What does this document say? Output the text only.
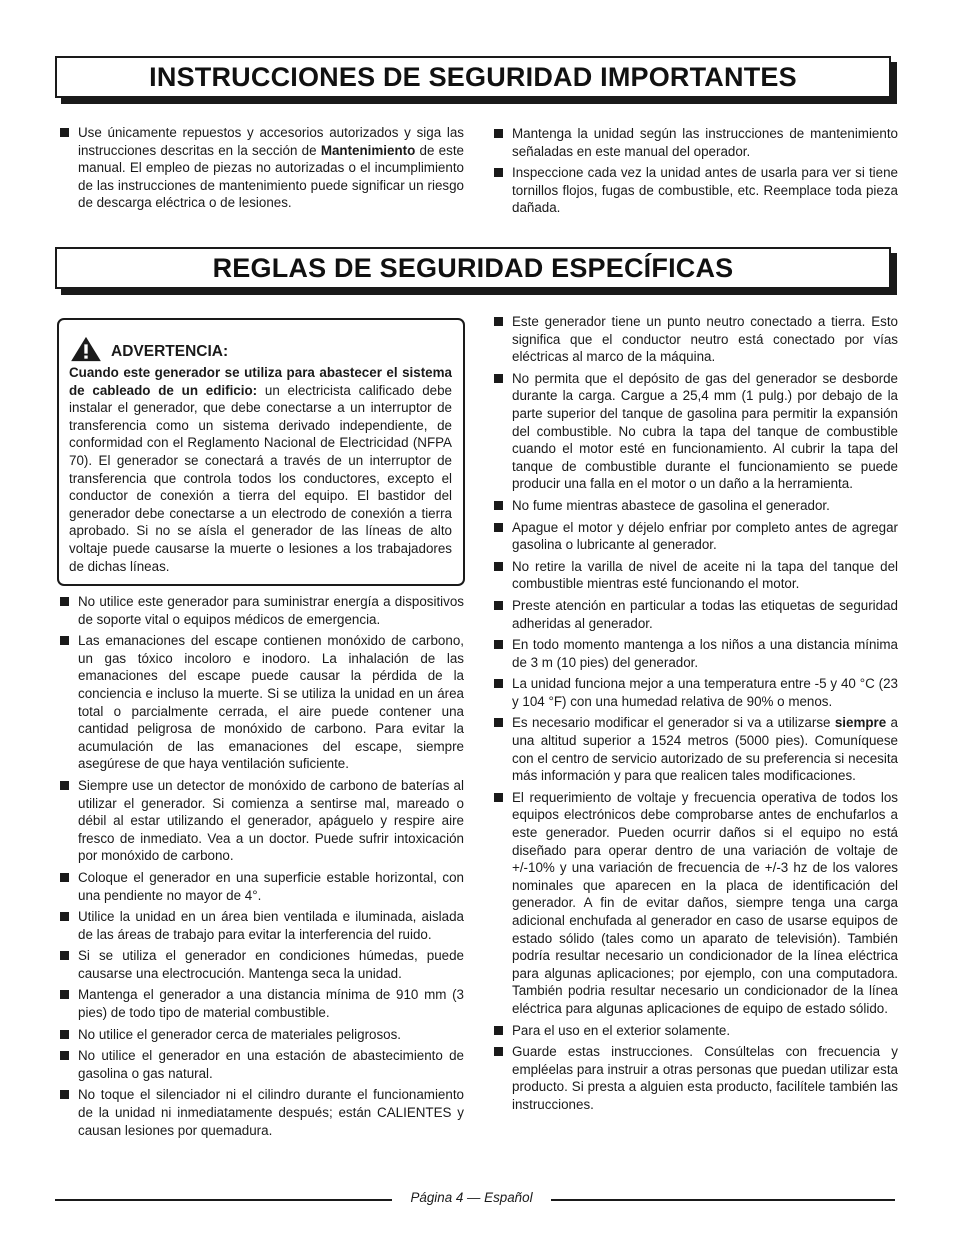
INSTRUCCIONES DE SEGURIDAD IMPORTANTES
Use únicamente repuestos y accesorios autorizados y siga las instrucciones descritas en la sección de Mantenimiento de este manual. El empleo de piezas no autorizadas o el incumplimiento de las instrucciones de mantenimiento puede significar un riesgo de descarga eléctrica o de lesiones.
Mantenga la unidad según las instrucciones de mantenimiento señaladas en este manual del operador.
Inspeccione cada vez la unidad antes de usarla para ver si tiene tornillos flojos, fugas de combustible, etc. Reemplace toda pieza dañada.
REGLAS DE SEGURIDAD ESPECÍFICAS
ADVERTENCIA:
Cuando este generador se utiliza para abastecer el sistema de cableado de un edificio: un electricista calificado debe instalar el generador, que debe conectarse a un interruptor de transferencia como un sistema derivado independiente, de conformidad con el Reglamento Nacional de Electricidad (NFPA 70). El generador se conectará a través de un interruptor de transferencia que controla todos los conductores, excepto el conductor de conexión a tierra del equipo. El bastidor del generador debe conectarse a un electrodo de conexión a tierra aprobado. Si no se aísla el generador de las líneas de alto voltaje puede causarse la muerte o lesiones a los trabajadores de dichas líneas.
No utilice este generador para suministrar energía a dispositivos de soporte vital o equipos médicos de emergencia.
Las emanaciones del escape contienen monóxido de carbono, un gas tóxico incoloro e inodoro. La inhalación de las emanaciones del escape puede causar la pérdida de la conciencia e incluso la muerte. Si se utiliza la unidad en un área total o parcialmente cerrada, el aire puede contener una cantidad peligrosa de monóxido de carbono. Para evitar la acumulación de las emanaciones del escape, siempre asegúrese de que haya ventilación suficiente.
Siempre use un detector de monóxido de carbono de baterías al utilizar el generador. Si comienza a sentirse mal, mareado o débil al estar utilizando el generador, apáguelo y respire aire fresco de inmediato. Vea a un doctor. Puede sufrir intoxicación por monóxido de carbono.
Coloque el generador en una superficie estable horizontal, con una pendiente no mayor de 4°.
Utilice la unidad en un área bien ventilada e iluminada, aislada de las áreas de trabajo para evitar la interferencia del ruido.
Si se utiliza el generador en condiciones húmedas, puede causarse una electrocución. Mantenga seca la unidad.
Mantenga el generador a una distancia mínima de 910 mm (3 pies) de todo tipo de material combustible.
No utilice el generador cerca de materiales peligrosos.
No utilice el generador en una estación de abastecimiento de gasolina o gas natural.
No toque el silenciador ni el cilindro durante el funcionamiento de la unidad ni inmediatamente después; están CALIENTES y causan lesiones por quemadura.
Este generador tiene un punto neutro conectado a tierra. Esto significa que el conductor neutro está conectado por vías eléctricas al marco de la máquina.
No permita que el depósito de gas del generador se desborde durante la carga. Cargue a 25,4 mm (1 pulg.) por debajo de la parte superior del tanque de gasolina para permitir la expansión del combustible. No cubra la tapa del tanque de combustible cuando el motor esté en funcionamiento. Al cubrir la tapa del tanque de combustible durante el funcionamiento se puede producir una falla en el motor o un daño a la herramienta.
No fume mientras abastece de gasolina el generador.
Apague el motor y déjelo enfriar por completo antes de agregar gasolina o lubricante al generador.
No retire la varilla de nivel de aceite ni la tapa del tanque del combustible mientras esté funcionando el motor.
Preste atención en particular a todas las etiquetas de seguridad adheridas al generador.
En todo momento mantenga a los niños a una distancia mínima de 3 m (10 pies) del generador.
La unidad funciona mejor a una temperatura entre -5 y 40 °C (23 y 104 °F) con una humedad relativa de 90% o menos.
Es necesario modificar el generador si va a utilizarse siempre a una altitud superior a 1524 metros (5000 pies). Comuníquese con el centro de servicio autorizado de su preferencia si necesita más información y para que realicen tales modificaciones.
El requerimiento de voltaje y frecuencia operativa de todos los equipos electrónicos debe comprobarse antes de enchufarlos a este generador. Pueden ocurrir daños si el equipo no está diseñado para operar dentro de una variación de voltaje de +/-10% y una variación de frecuencia de +/-3 hz de los valores nominales que aparecen en la placa de identificación del generador. A fin de evitar daños, siempre tenga una carga adicional enchufada al generador en caso de usarse equipos de estado sólido (tales como un aparato de televisión). También podría resultar necesario un condicionador de la línea eléctrica para algunas aplicaciones; por ejemplo, con una computadora. También podria resultar necesario un condicionador de la línea eléctrica para algunas aplicaciones de equipo de estado sólido.
Para el uso en el exterior solamente.
Guarde estas instrucciones. Consúltelas con frecuencia y empléelas para instruir a otras personas que puedan utilizar esta producto. Si presta a alguien esta producto, facilítele también las instrucciones.
Página 4 — Español
